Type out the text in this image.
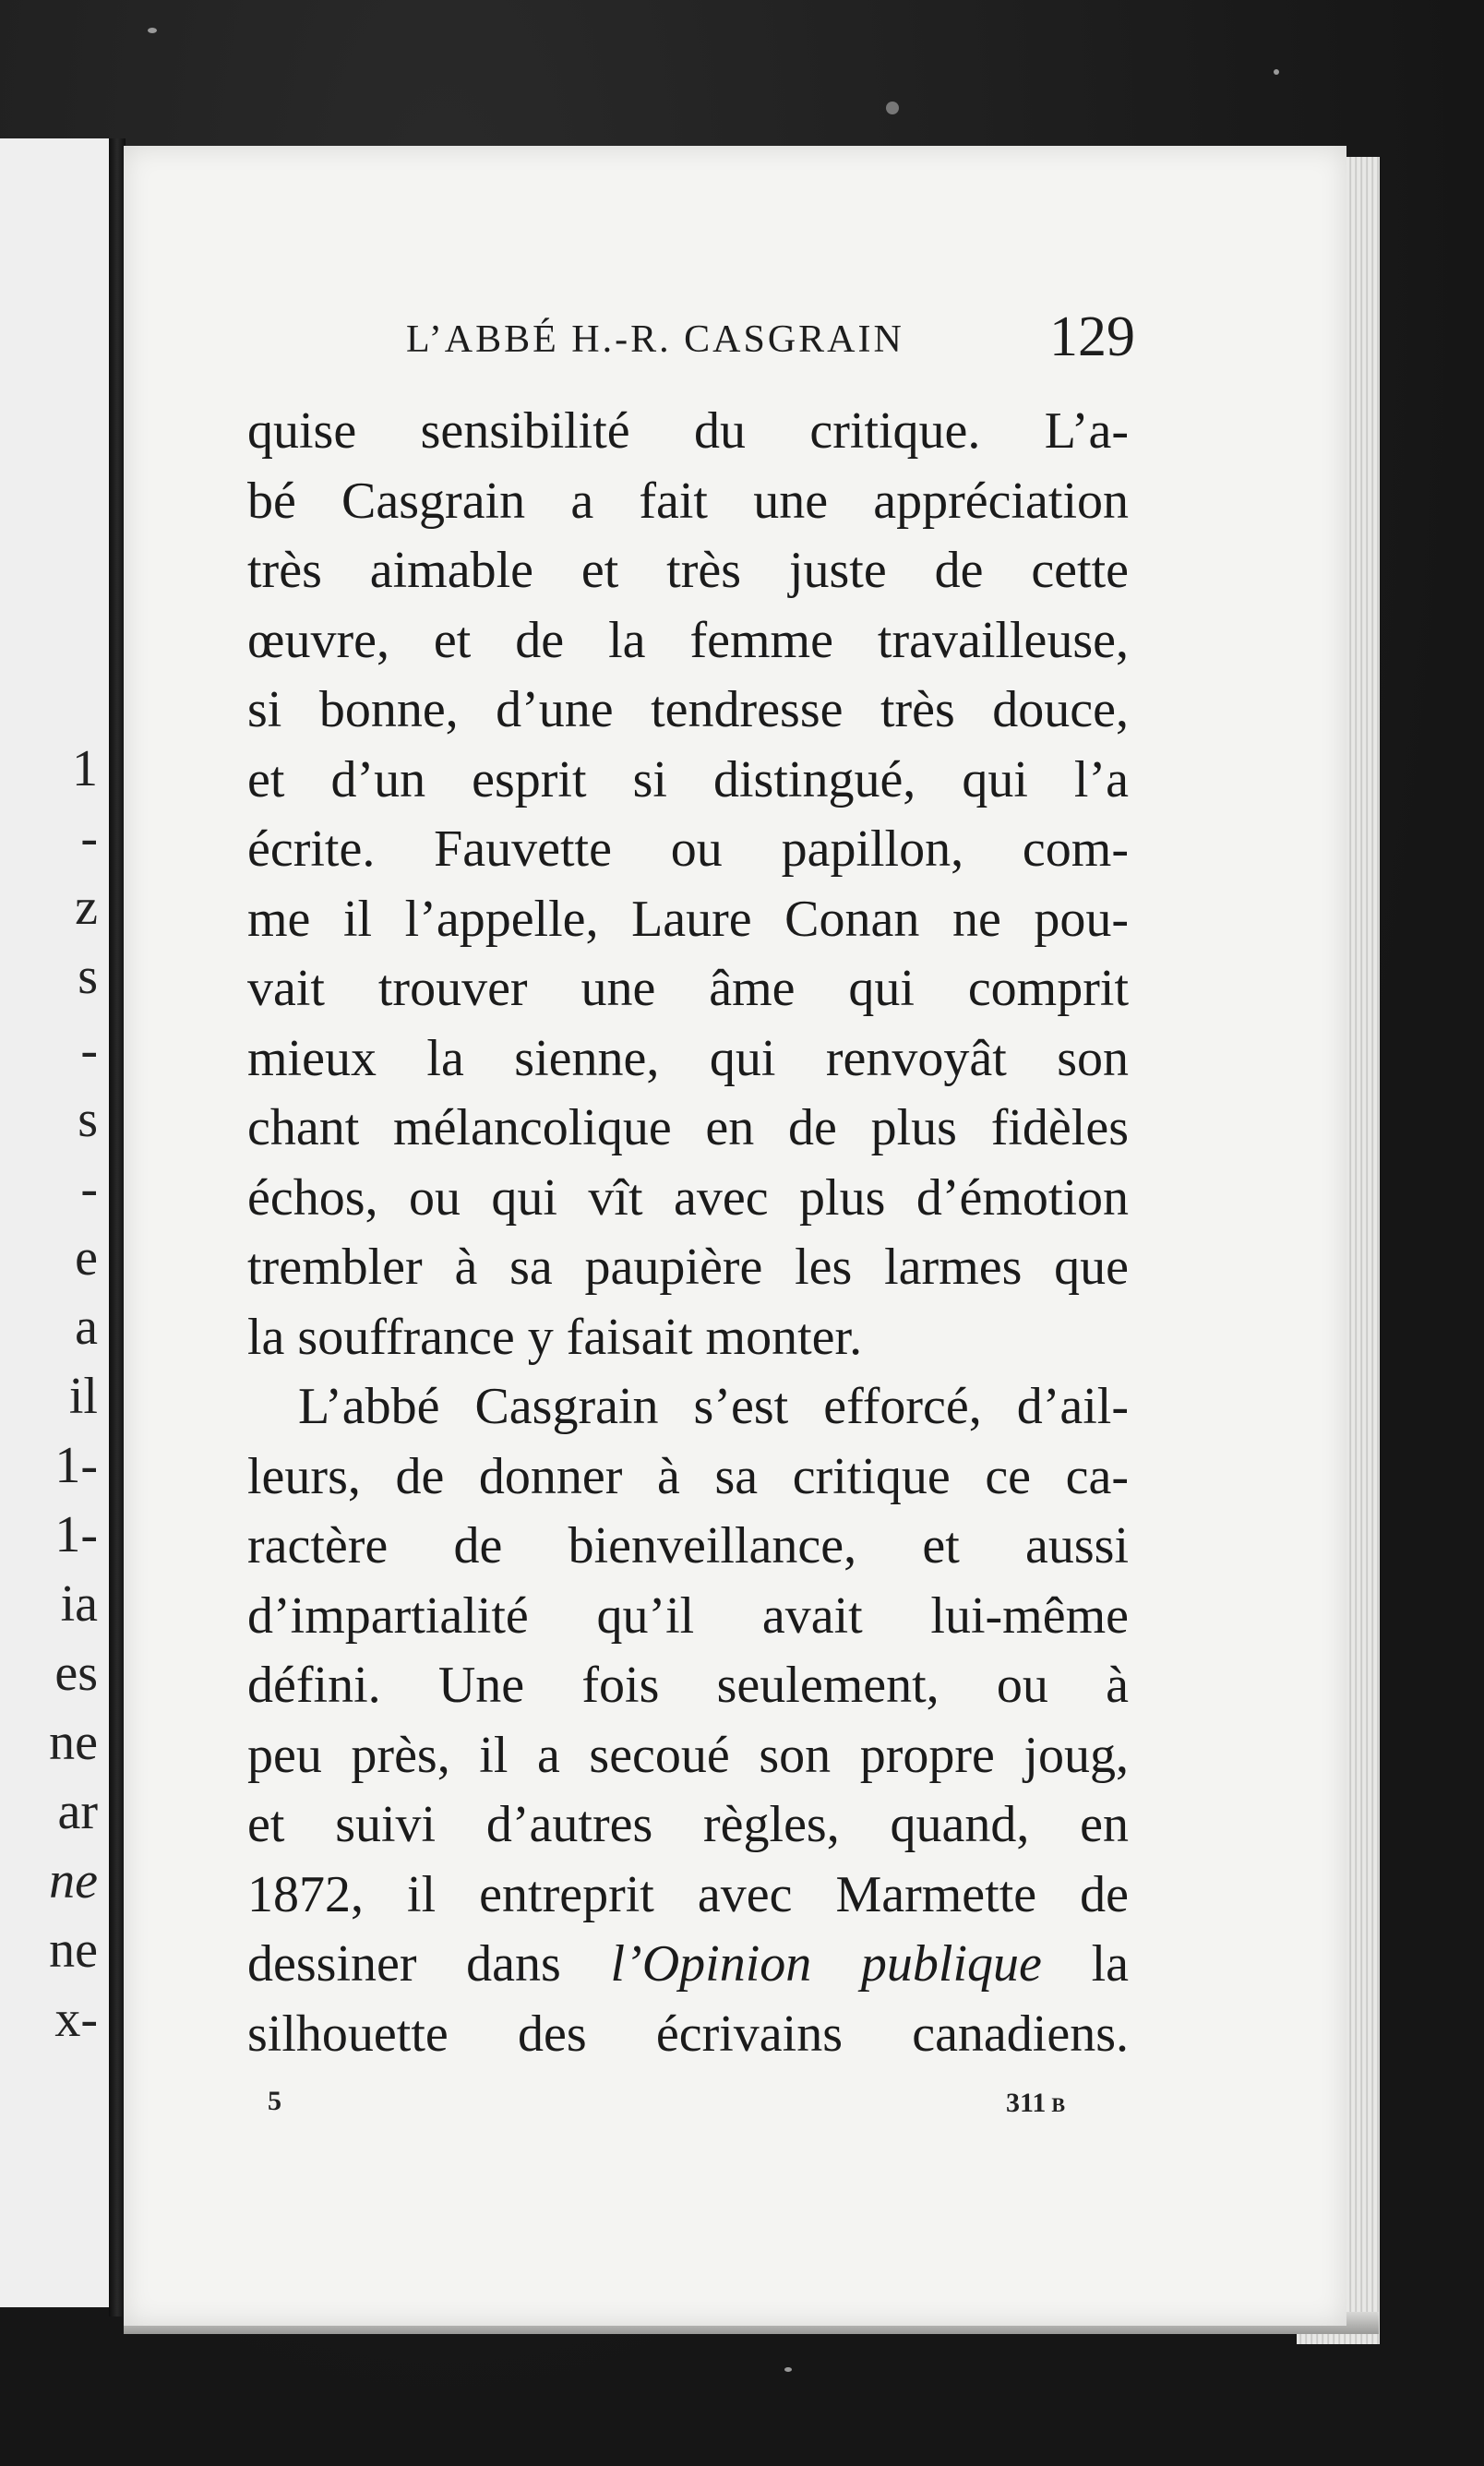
1
-
z
s
-
s
-
e
a
il
1-
1-
ia
es
ne
ar
ne
ne
x-
L’ABBÉ H.-R. CASGRAIN	129

quise sensibilité du critique. L’a-
bé Casgrain a fait une appréciation
très aimable et très juste de cette
œuvre, et de la femme travailleuse,
si bonne, d’une tendresse très douce,
et d’un esprit si distingué, qui l’a
écrite. Fauvette ou papillon, com-
me il l’appelle, Laure Conan ne pou-
vait trouver une âme qui comprit
mieux la sienne, qui renvoyât son
chant mélancolique en de plus fidèles
échos, ou qui vît avec plus d’émotion
trembler à sa paupière les larmes que
la souffrance y faisait monter.

L’abbé Casgrain s’est efforcé, d’ail-
leurs, de donner à sa critique ce ca-
ractère de bienveillance, et aussi
d’impartialité qu’il avait lui-même
défini. Une fois seulement, ou à
peu près, il a secoué son propre joug,
et suivi d’autres règles, quand, en
1872, il entreprit avec Marmette de
dessiner dans l’Opinion publique la
silhouette des écrivains canadiens.

5	311 B
